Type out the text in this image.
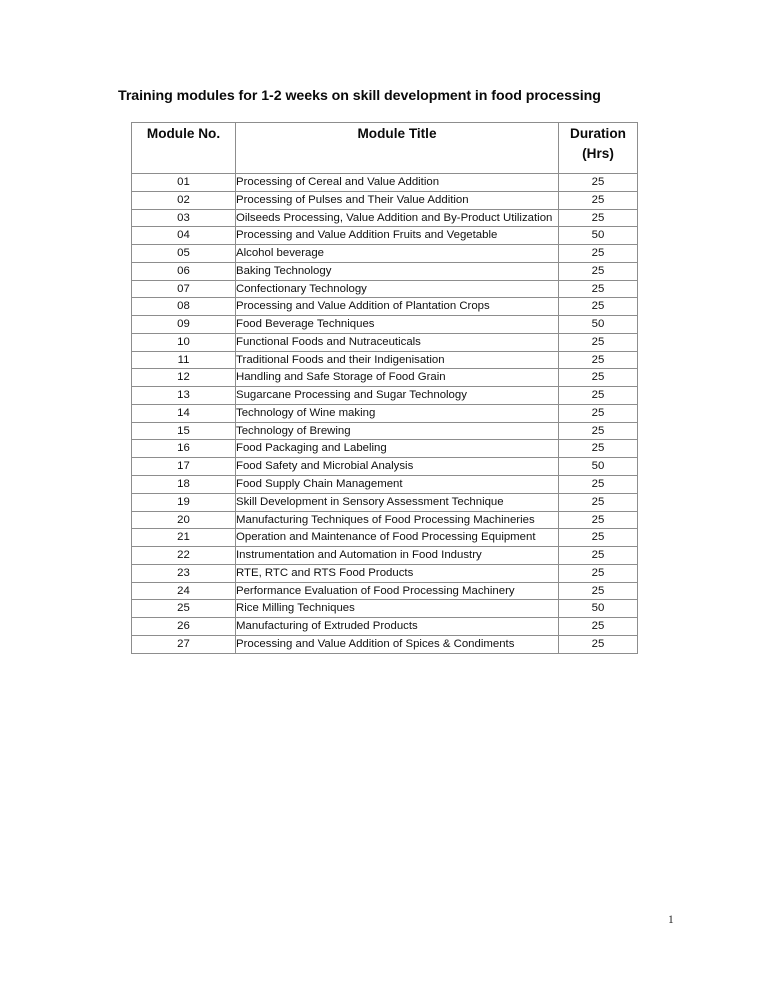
Training modules for 1-2 weeks on skill development in food processing
Module No.	Module Title	Duration
(Hrs)

01	Processing of Cereal and Value Addition	25
02	Processing of Pulses and Their Value Addition	25
03	Oilseeds Processing, Value Addition and By-Product Utilization	25
04	Processing and Value Addition Fruits and Vegetable	50
05	Alcohol beverage	25
06	Baking Technology	25
07	Confectionary Technology	25
08	Processing and Value Addition of Plantation Crops	25
09	Food Beverage Techniques	50
10	Functional Foods and Nutraceuticals	25
11	Traditional Foods and their Indigenisation	25
12	Handling and Safe Storage of Food Grain	25
13	Sugarcane Processing and Sugar Technology	25
14	Technology of Wine making	25
15	Technology of Brewing	25
16	Food Packaging and Labeling	25
17	Food Safety and Microbial Analysis	50
18	Food Supply Chain Management	25
19	Skill Development in Sensory Assessment Technique	25
20	Manufacturing Techniques of Food Processing Machineries	25
21	Operation and Maintenance of Food Processing Equipment	25
22	Instrumentation and Automation in Food Industry	25
23	RTE, RTC and RTS Food Products	25
24	Performance Evaluation of Food Processing Machinery	25
25	Rice Milling Techniques	50
26	Manufacturing of Extruded Products	25
27	Processing and Value Addition of Spices & Condiments	25
1
